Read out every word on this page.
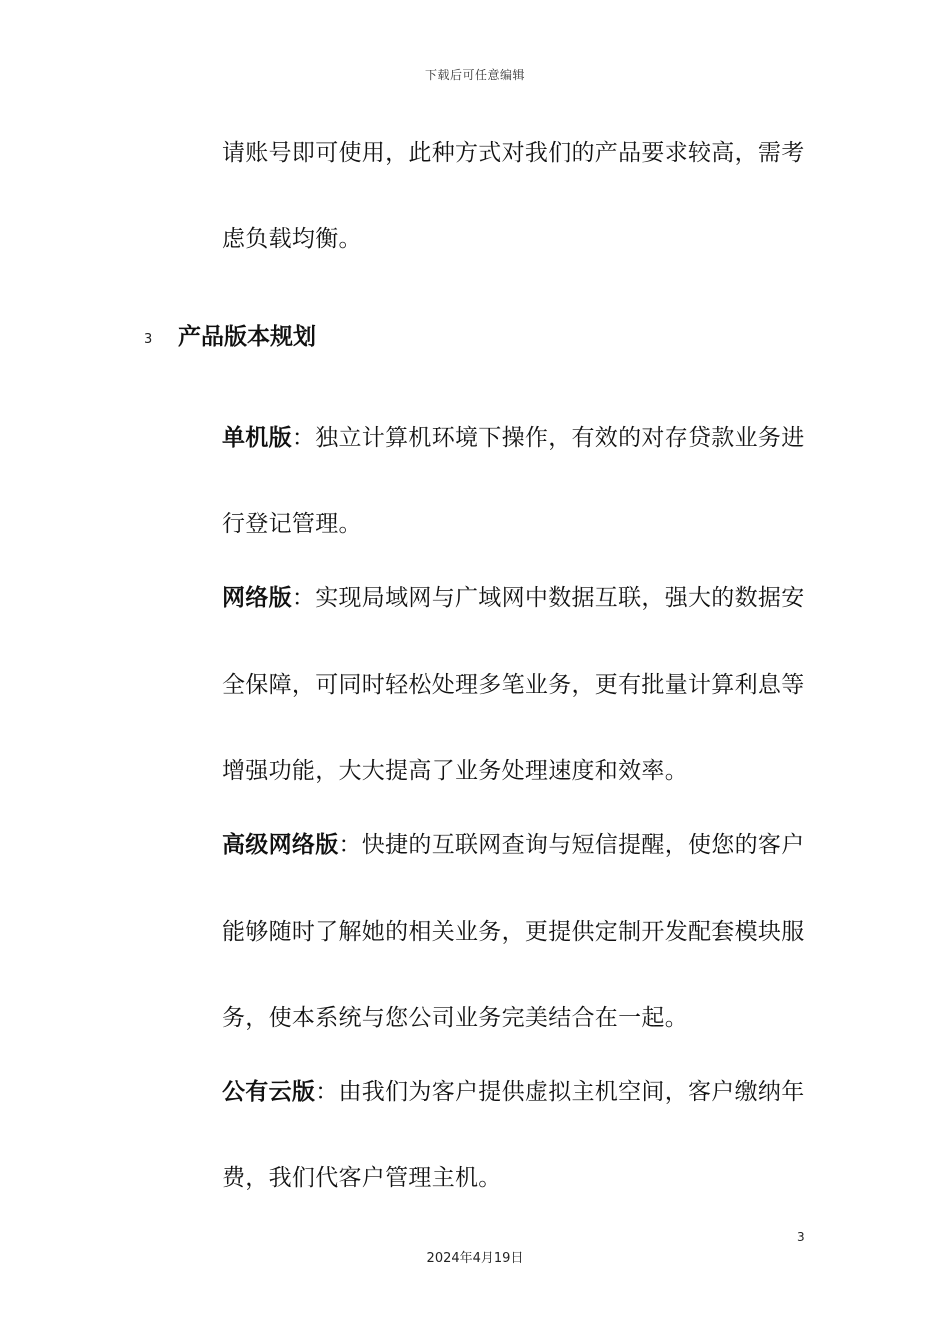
下载后可任意编辑
请账号即可使用，此种方式对我们的产品要求较高，需考
虑负载均衡。
3 产品版本规划
单机版：独立计算机环境下操作，有效的对存贷款业务进
行登记管理。
网络版：实现局域网与广域网中数据互联，强大的数据安
全保障，可同时轻松处理多笔业务，更有批量计算利息等
增强功能，大大提高了业务处理速度和效率。
高级网络版：快捷的互联网查询与短信提醒，使您的客户
能够随时了解她的相关业务，更提供定制开发配套模块服
务，使本系统与您公司业务完美结合在一起。
公有云版：由我们为客户提供虚拟主机空间，客户缴纳年
费，我们代客户管理主机。
3
2024年4月19日
